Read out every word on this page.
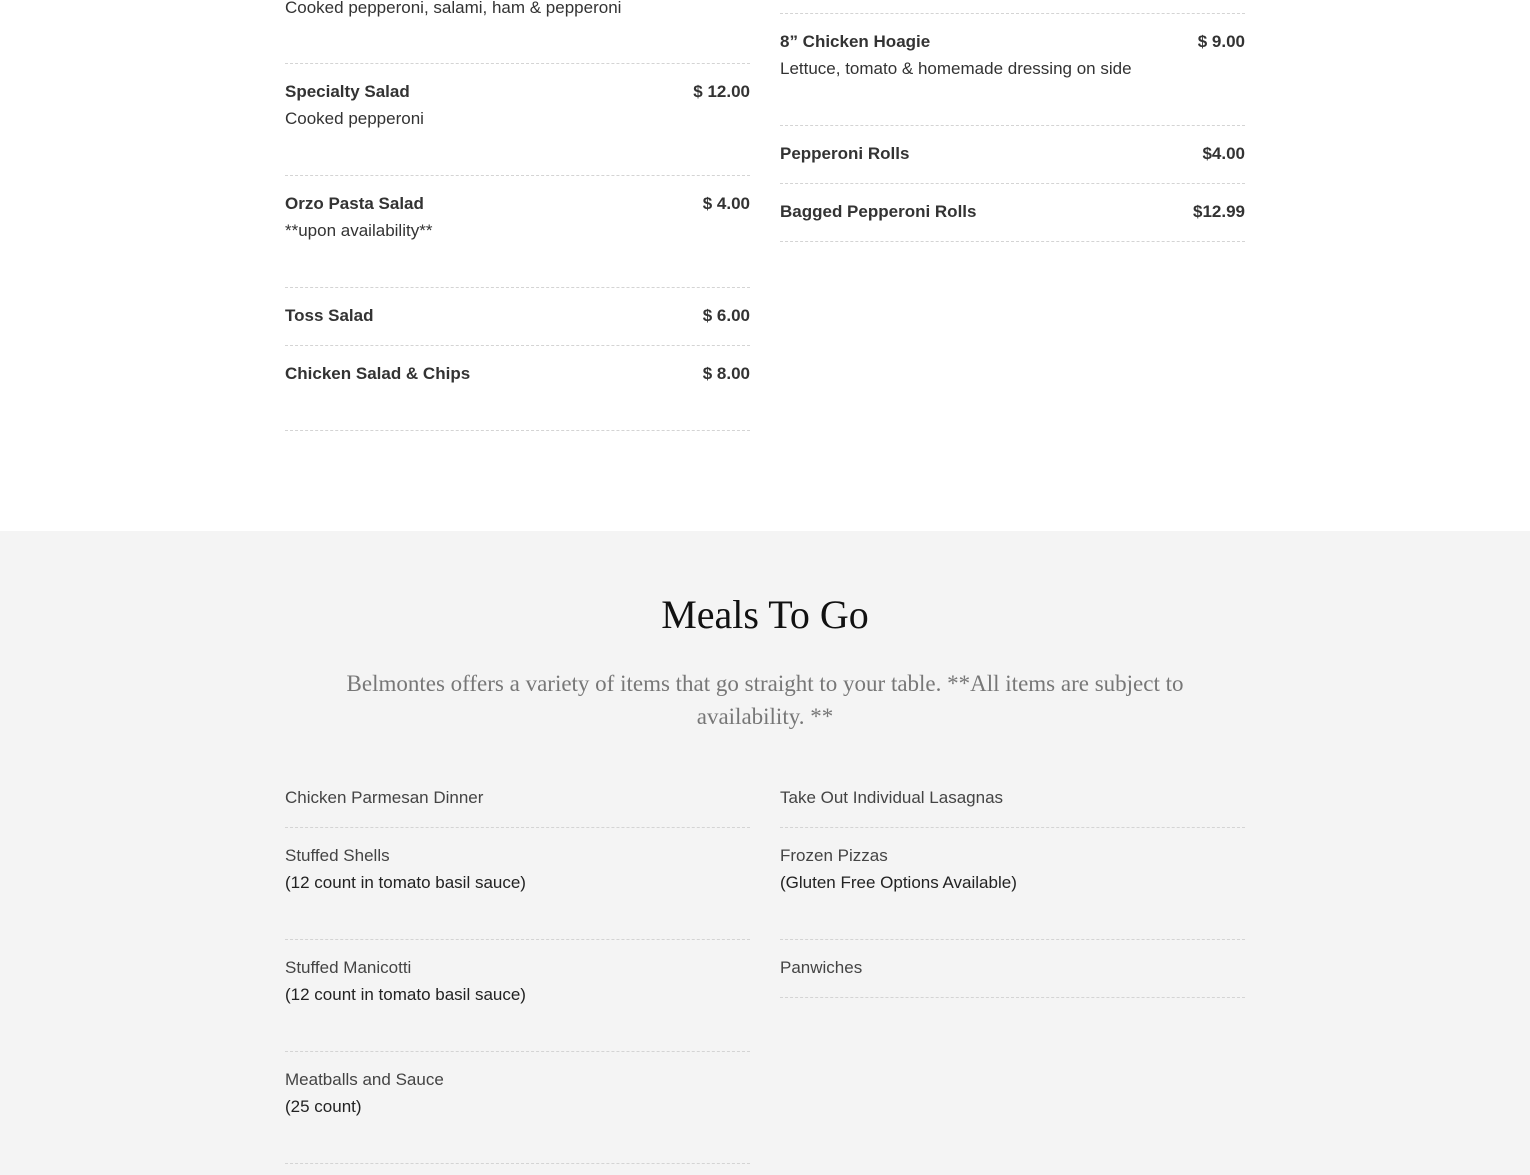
Cooked pepperoni, salami, ham & pepperoni
Specialty Salad	$ 12.00
Cooked pepperoni
Orzo Pasta Salad	$ 4.00
**upon availability**
Toss Salad	$ 6.00
Chicken Salad & Chips	$ 8.00
8” Chicken Hoagie	$ 9.00
Lettuce, tomato & homemade dressing on side
Pepperoni Rolls	$4.00
Bagged Pepperoni Rolls	$12.99
Meals To Go

Belmontes offers a variety of items that go straight to your table. **All items are subject to availability. **

Chicken Parmesan Dinner
Stuffed Shells
(12 count in tomato basil sauce)
Stuffed Manicotti
(12 count in tomato basil sauce)
Meatballs and Sauce
(25 count)
Take Out Individual Lasagnas
Frozen Pizzas
(Gluten Free Options Available)
Panwiches
